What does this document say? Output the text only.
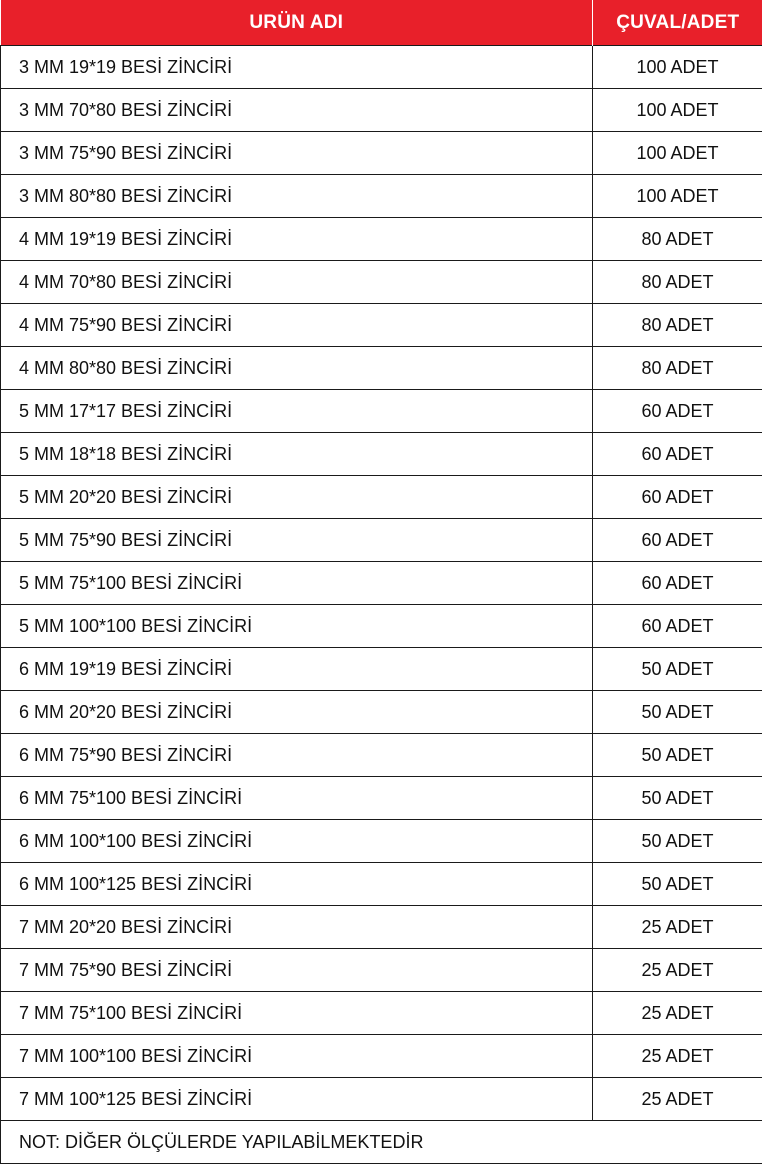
URÜN ADI	ÇUVAL/ADET
3 MM 19*19 BESİ ZİNCİRİ	100 ADET
3 MM 70*80 BESİ ZİNCİRİ	100 ADET
3 MM 75*90 BESİ ZİNCİRİ	100 ADET
3 MM 80*80 BESİ ZİNCİRİ	100 ADET
4 MM 19*19 BESİ ZİNCİRİ	80 ADET
4 MM 70*80 BESİ ZİNCİRİ	80 ADET
4 MM 75*90 BESİ ZİNCİRİ	80 ADET
4 MM 80*80 BESİ ZİNCİRİ	80 ADET
5 MM 17*17 BESİ ZİNCİRİ	60 ADET
5 MM 18*18 BESİ ZİNCİRİ	60 ADET
5 MM 20*20 BESİ ZİNCİRİ	60 ADET
5 MM 75*90 BESİ ZİNCİRİ	60 ADET
5 MM 75*100 BESİ ZİNCİRİ	60 ADET
5 MM 100*100 BESİ ZİNCİRİ	60 ADET
6 MM 19*19 BESİ ZİNCİRİ	50 ADET
6 MM 20*20 BESİ ZİNCİRİ	50 ADET
6 MM 75*90 BESİ ZİNCİRİ	50 ADET
6 MM 75*100 BESİ ZİNCİRİ	50 ADET
6 MM 100*100 BESİ ZİNCİRİ	50 ADET
6 MM 100*125 BESİ ZİNCİRİ	50 ADET
7 MM 20*20 BESİ ZİNCİRİ	25 ADET
7 MM 75*90 BESİ ZİNCİRİ	25 ADET
7 MM 75*100 BESİ ZİNCİRİ	25 ADET
7 MM 100*100 BESİ ZİNCİRİ	25 ADET
7 MM 100*125 BESİ ZİNCİRİ	25 ADET
NOT: DİĞER ÖLÇÜLERDE YAPILABİLMEKTEDİR	
